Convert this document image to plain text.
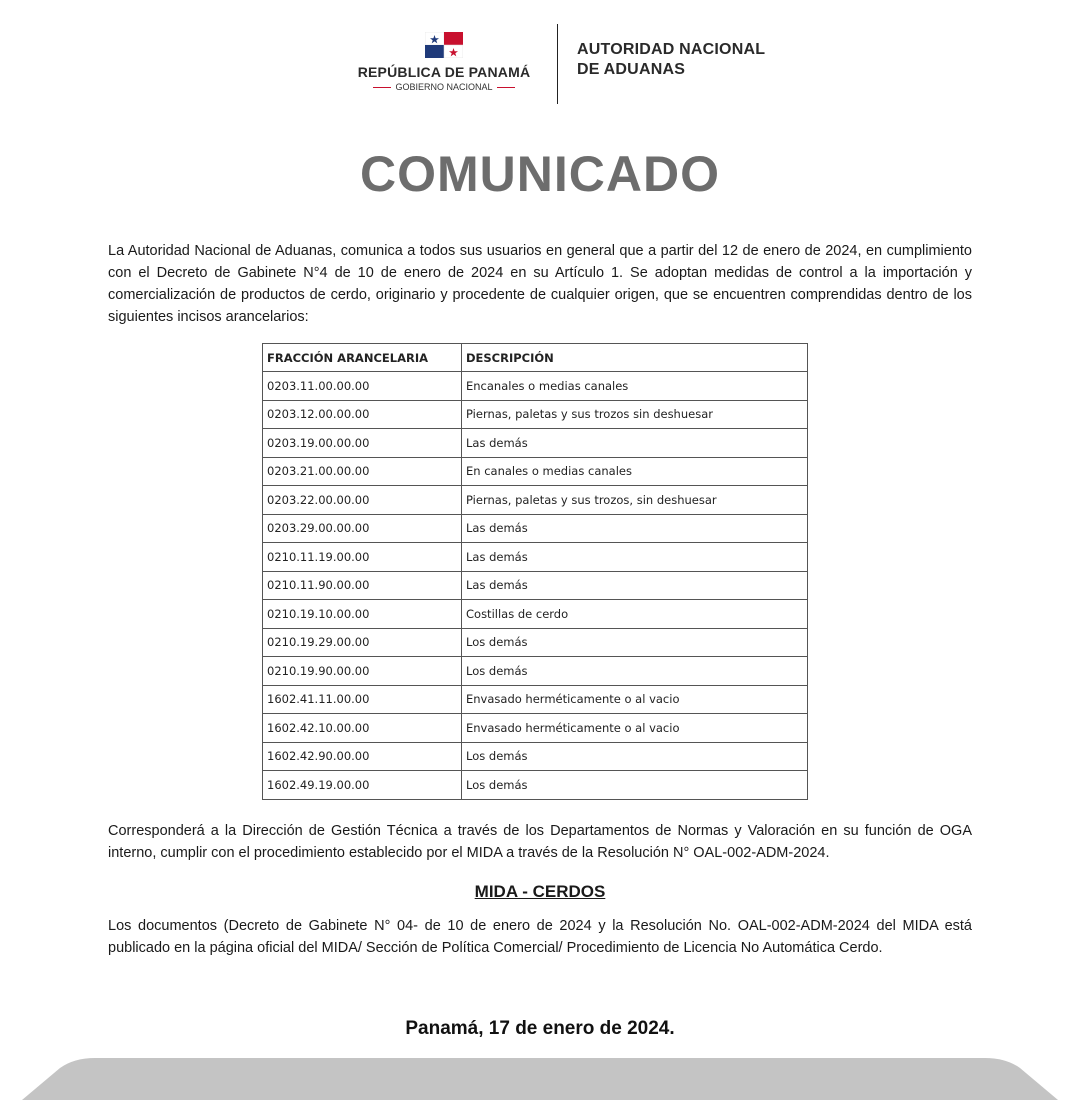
REPÚBLICA DE PANAMÁ
GOBIERNO NACIONAL
AUTORIDAD NACIONAL
DE ADUANAS
COMUNICADO
La Autoridad Nacional de Aduanas, comunica a todos sus usuarios en general que a partir del 12 de enero de 2024, en cumplimiento con el Decreto de Gabinete N°4 de 10 de enero de 2024 en su Artículo 1. Se adoptan medidas de control a la importación y comercialización de productos de cerdo, originario y procedente de cualquier origen, que se encuentren comprendidas dentro de los siguientes incisos arancelarios:
FRACCIÓN ARANCELARIA	DESCRIPCIÓN
0203.11.00.00.00	Encanales o medias canales
0203.12.00.00.00	Piernas, paletas y sus trozos sin deshuesar
0203.19.00.00.00	Las demás
0203.21.00.00.00	En canales o medias canales
0203.22.00.00.00	Piernas, paletas y sus trozos, sin deshuesar
0203.29.00.00.00	Las demás
0210.11.19.00.00	Las demás
0210.11.90.00.00	Las demás
0210.19.10.00.00	Costillas de cerdo
0210.19.29.00.00	Los demás
0210.19.90.00.00	Los demás
1602.41.11.00.00	Envasado herméticamente o al vacio
1602.42.10.00.00	Envasado herméticamente o al vacio
1602.42.90.00.00	Los demás
1602.49.19.00.00	Los demás
Corresponderá a la Dirección de Gestión Técnica a través de los Departamentos de Normas y Valoración en su función de OGA interno, cumplir con el procedimiento establecido por el MIDA a través de la Resolución N° OAL-002-ADM-2024.
MIDA - CERDOS
Los documentos (Decreto de Gabinete N° 04- de 10 de enero de 2024 y la Resolución No. OAL-002-ADM-2024 del MIDA está publicado en la página oficial del MIDA/ Sección de Política Comercial/ Procedimiento de Licencia No Automática Cerdo.
Panamá, 17 de enero de 2024.
